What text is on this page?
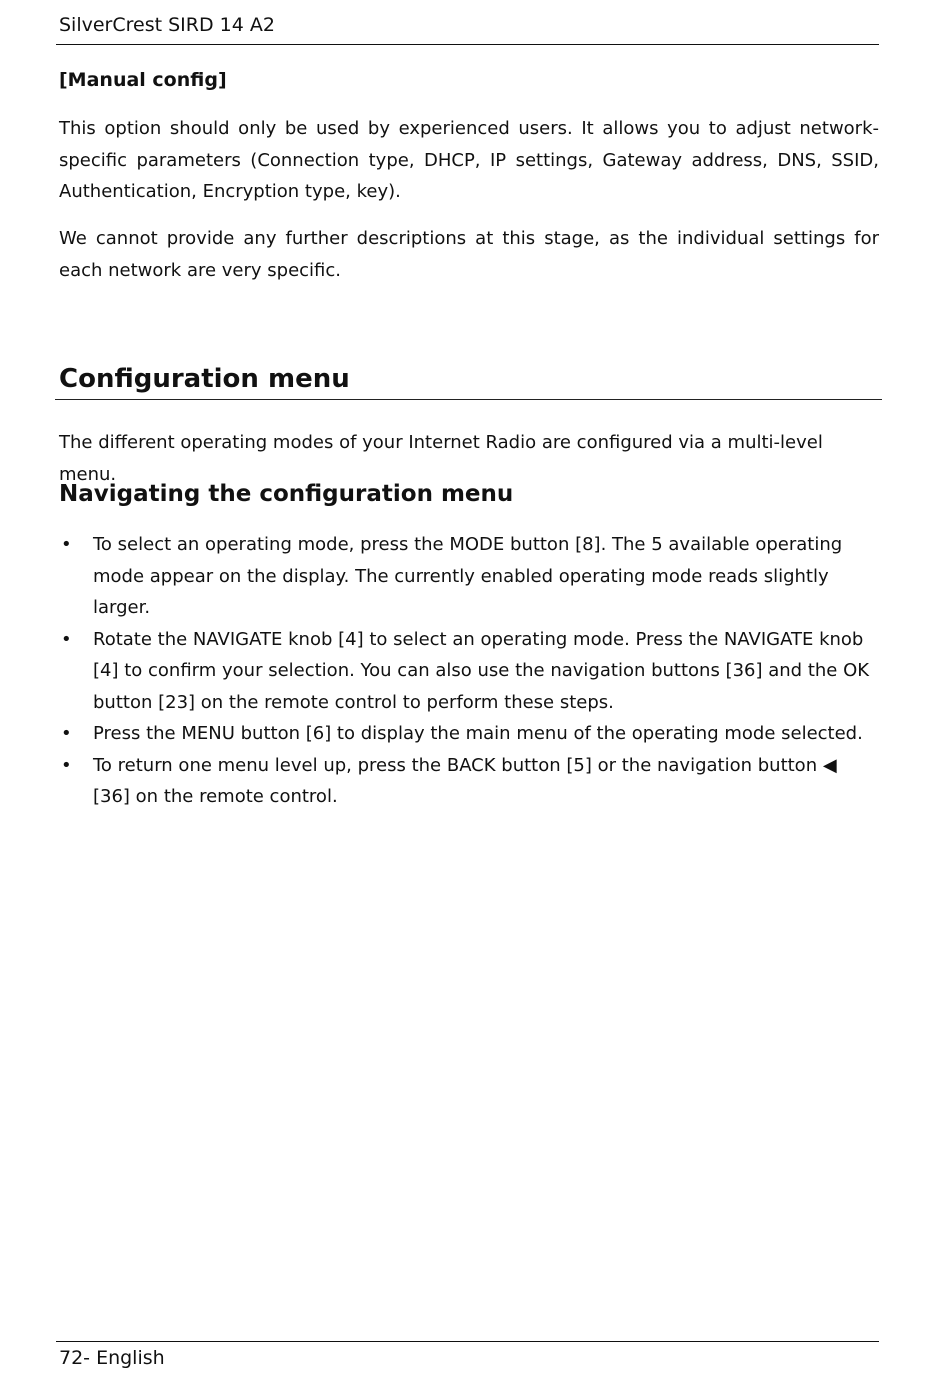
SilverCrest SIRD 14 A2
[Manual config]

This option should only be used by experienced users. It allows you to adjust network-specific parameters (Connection type, DHCP, IP settings, Gateway address, DNS, SSID, Authentication, Encryption type, key).

We cannot provide any further descriptions at this stage, as the individual settings for each network are very specific.

Configuration menu

The different operating modes of your Internet Radio are configured via a multi-level menu.

Navigating the configuration menu
• To select an operating mode, press the MODE button [8]. The 5 available operating mode appear on the display. The currently enabled operating mode reads slightly larger.
• Rotate the NAVIGATE knob [4] to select an operating mode. Press the NAVIGATE knob [4] to confirm your selection. You can also use the navigation buttons [36] and the OK button [23] on the remote control to perform these steps.
• Press the MENU button [6] to display the main menu of the operating mode selected.
• To return one menu level up, press the BACK button [5] or the navigation button ◀ [36] on the remote control.
72- English
